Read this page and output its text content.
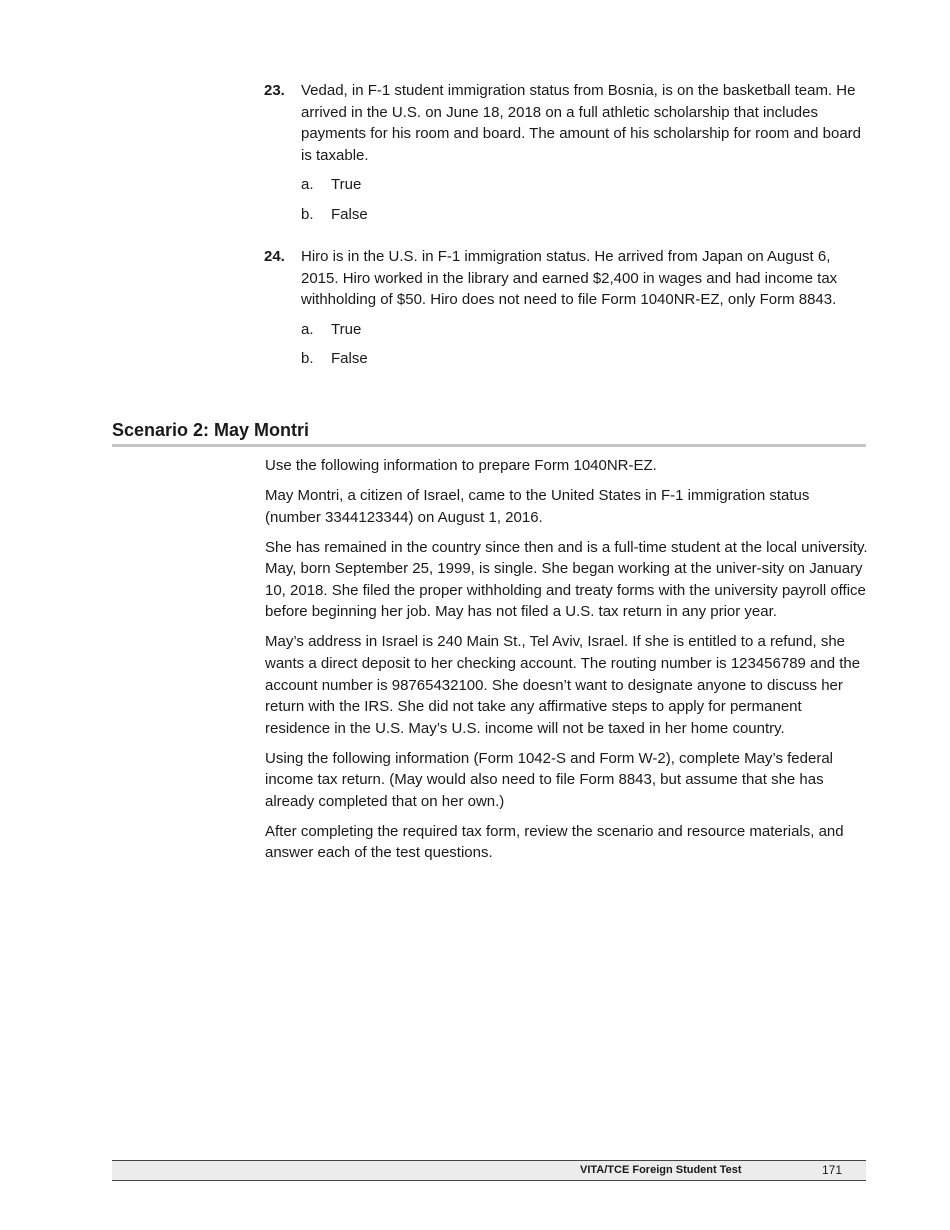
23. Vedad, in F-1 student immigration status from Bosnia, is on the basketball team. He arrived in the U.S. on June 18, 2018 on a full athletic scholarship that includes payments for his room and board. The amount of his scholarship for room and board is taxable.
a. True
b. False
24. Hiro is in the U.S. in F-1 immigration status. He arrived from Japan on August 6, 2015. Hiro worked in the library and earned $2,400 in wages and had income tax withholding of $50. Hiro does not need to file Form 1040NR-EZ, only Form 8843.
a. True
b. False
Scenario 2: May Montri

Use the following information to prepare Form 1040NR-EZ.

May Montri, a citizen of Israel, came to the United States in F-1 immigration status (number 3344123344) on August 1, 2016.

She has remained in the country since then and is a full-time student at the local university. May, born September 25, 1999, is single. She began working at the univer-sity on January 10, 2018. She filed the proper withholding and treaty forms with the university payroll office before beginning her job. May has not filed a U.S. tax return in any prior year.

May’s address in Israel is 240 Main St., Tel Aviv, Israel. If she is entitled to a refund, she wants a direct deposit to her checking account. The routing number is 123456789 and the account number is 98765432100. She doesn’t want to designate anyone to discuss her return with the IRS. She did not take any affirmative steps to apply for permanent residence in the U.S. May’s U.S. income will not be taxed in her home country.

Using the following information (Form 1042-S and Form W-2), complete May’s federal income tax return. (May would also need to file Form 8843, but assume that she has already completed that on her own.)

After completing the required tax form, review the scenario and resource materials, and answer each of the test questions.

VITA/TCE Foreign Student Test	171
